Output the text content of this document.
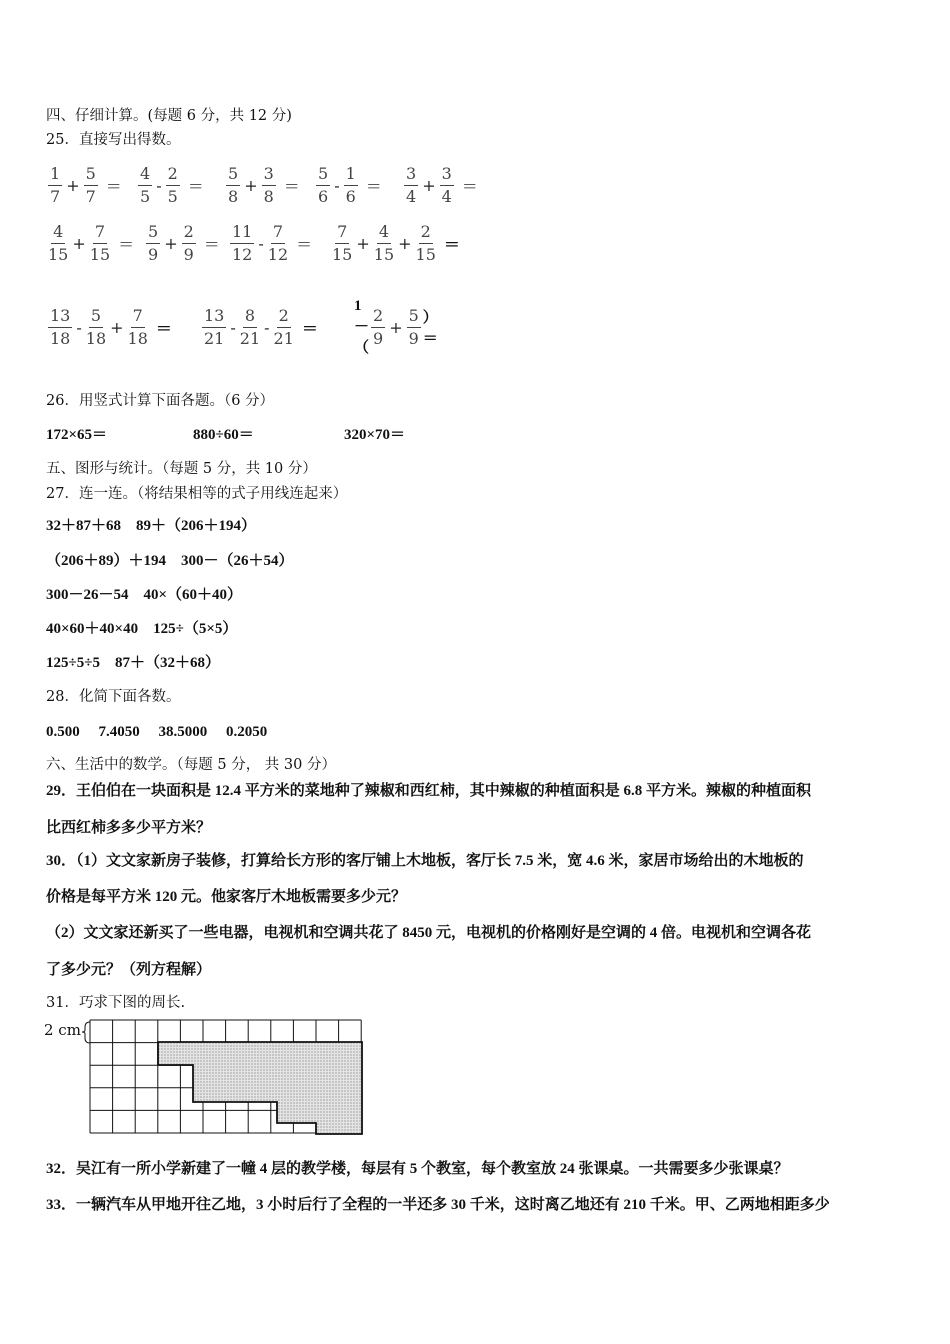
四、仔细计算。(每题 6 分，共 12 分)
25．直接写出得数。
$\frac{1}{7} + \frac{5}{7} = \frac{4}{5} - \frac{2}{5} = \frac{5}{8} + \frac{3}{8} = \frac{5}{6} - \frac{1}{6} = \frac{3}{4} + \frac{3}{4}$ ＝
$\frac{4}{15} + \frac{7}{15} = \frac{5}{9} + \frac{2}{9} = \frac{11}{12} - \frac{7}{12} = \frac{7}{15} + \frac{4}{15} + \frac{2}{15}$ ＝
$\frac{13}{18} - \frac{5}{18} + \frac{7}{18} = \frac{13}{21} - \frac{8}{21} - \frac{2}{21}$ ＝
$1-( \frac{2}{9} + \frac{5}{9}$ ）＝
26．用竖式计算下面各题。（6 分）
172×65＝	880÷60＝	320×70＝
五、图形与统计。（每题 5 分，共 10 分）
27．连一连。（将结果相等的式子用线连起来）
32＋87＋68　89＋（206＋194）
（206＋89）＋194　300－（26＋54）
300－26－54　40×（60＋40）
40×60＋40×40　125÷（5×5）
125÷5÷5　87＋（32＋68）
28．化简下面各数。
0.500　 7.4050　 38.5000　 0.2050
六、生活中的数学。（每题 5 分， 共 30 分）
29．王伯伯在一块面积是 12.4 平方米的菜地种了辣椒和西红柿，其中辣椒的种植面积是 6.8 平方米。辣椒的种植面积
比西红柿多多少平方米？
30．（1）文文家新房子装修，打算给长方形的客厅铺上木地板，客厅长 7.5 米，宽 4.6 米，家居市场给出的木地板的
价格是每平方米 120 元。他家客厅木地板需要多少元？
（2）文文家还新买了一些电器，电视机和空调共花了 8450 元，电视机的价格刚好是空调的 4 倍。电视机和空调各花
了多少元？（列方程解）
31．巧求下图的周长.
2 cm
32．吴江有一所小学新建了一幢 4 层的教学楼，每层有 5 个教室，每个教室放 24 张课桌。一共需要多少张课桌？
33．一辆汽车从甲地开往乙地，3 小时后行了全程的一半还多 30 千米，这时离乙地还有 210 千米。甲、乙两地相距多少
